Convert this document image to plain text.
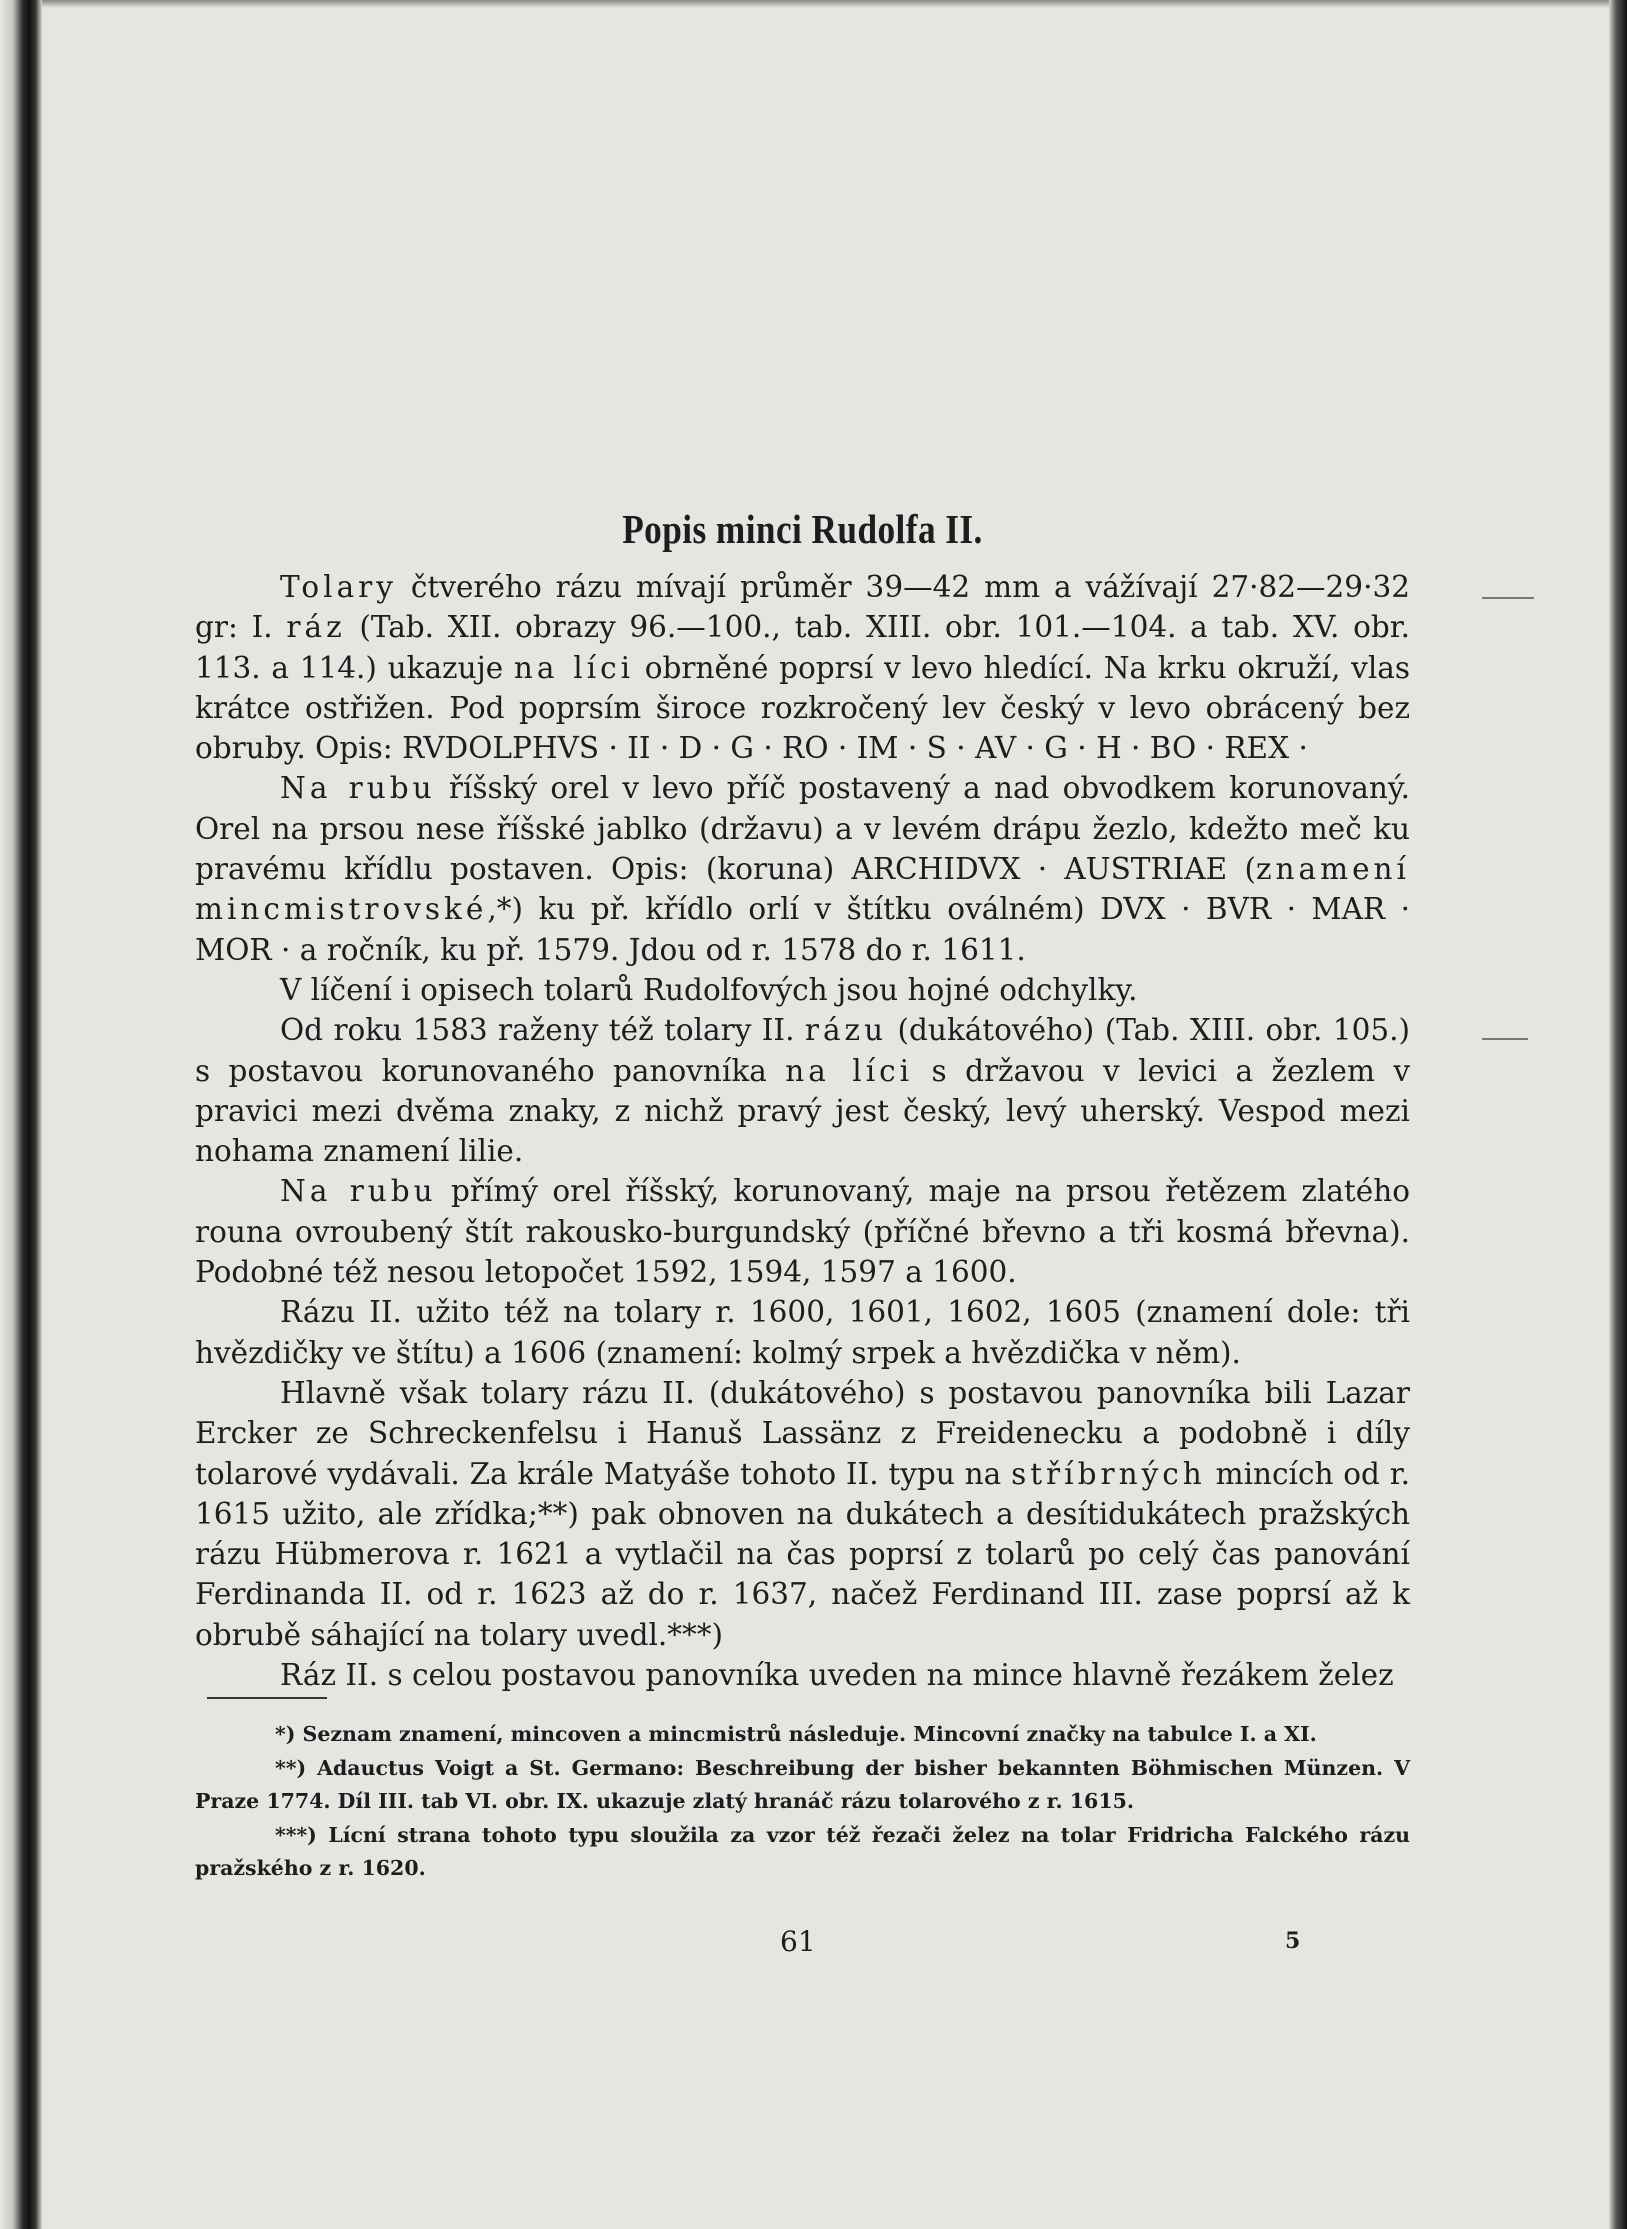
Popis minci Rudolfa II.

Tolary čtverého rázu mívají průměr 39—42 mm a vážívají 27·82—29·32 gr: I. ráz (Tab. XII. obrazy 96.—100., tab. XIII. obr. 101.—104. a tab. XV. obr. 113. a 114.) ukazuje na líci obrněné poprsí v levo hledící. Na krku okruží, vlas krátce ostřižen. Pod poprsím široce rozkročený lev český v levo obrácený bez obruby. Opis: RVDOLPHVS · II · D · G · RO · IM · S · AV · G · H · BO · REX ·

Na rubu říšský orel v levo příč postavený a nad obvodkem korunovaný. Orel na prsou nese říšské jablko (državu) a v levém drápu žezlo, kdežto meč ku pravému křídlu postaven. Opis: (koruna) ARCHIDVX · AUSTRIAE (znamení mincmistrovské,*) ku př. křídlo orlí v štítku oválném) DVX · BVR · MAR · MOR · a ročník, ku př. 1579. Jdou od r. 1578 do r. 1611.

V líčení i opisech tolarů Rudolfových jsou hojné odchylky.

Od roku 1583 raženy též tolary II. rázu (dukátového) (Tab. XIII. obr. 105.) s postavou korunovaného panovníka na líci s državou v levici a žezlem v pravici mezi dvěma znaky, z nichž pravý jest český, levý uherský. Vespod mezi nohama znamení lilie.

Na rubu přímý orel říšský, korunovaný, maje na prsou řetězem zlatého rouna ovroubený štít rakousko-burgundský (příčné břevno a tři kosmá břevna). Podobné též nesou letopočet 1592, 1594, 1597 a 1600.

Rázu II. užito též na tolary r. 1600, 1601, 1602, 1605 (znamení dole: tři hvězdičky ve štítu) a 1606 (znamení: kolmý srpek a hvězdička v něm).

Hlavně však tolary rázu II. (dukátového) s postavou panovníka bili Lazar Ercker ze Schreckenfelsu i Hanuš Lassänz z Freidenecku a podobně i díly tolarové vydávali. Za krále Matyáše tohoto II. typu na stříbrných mincích od r. 1615 užito, ale zřídka;**) pak obnoven na dukátech a desítidukátech pražských rázu Hübmerova r. 1621 a vytlačil na čas poprsí z tolarů po celý čas panování Ferdinanda II. od r. 1623 až do r. 1637, načež Ferdinand III. zase poprsí až k obrubě sáhající na tolary uvedl.***)

Ráz II. s celou postavou panovníka uveden na mince hlavně řezákem želez

*) Seznam znamení, mincoven a mincmistrů následuje. Mincovní značky na tabulce I. a XI.

**) Adauctus Voigt a St. Germano: Beschreibung der bisher bekannten Böhmischen Münzen. V Praze 1774. Díl III. tab VI. obr. IX. ukazuje zlatý hranáč rázu tolarového z r. 1615.

***) Lícní strana tohoto typu sloužila za vzor též řezači želez na tolar Fridricha Falckého rázu pražského z r. 1620.

61	5
